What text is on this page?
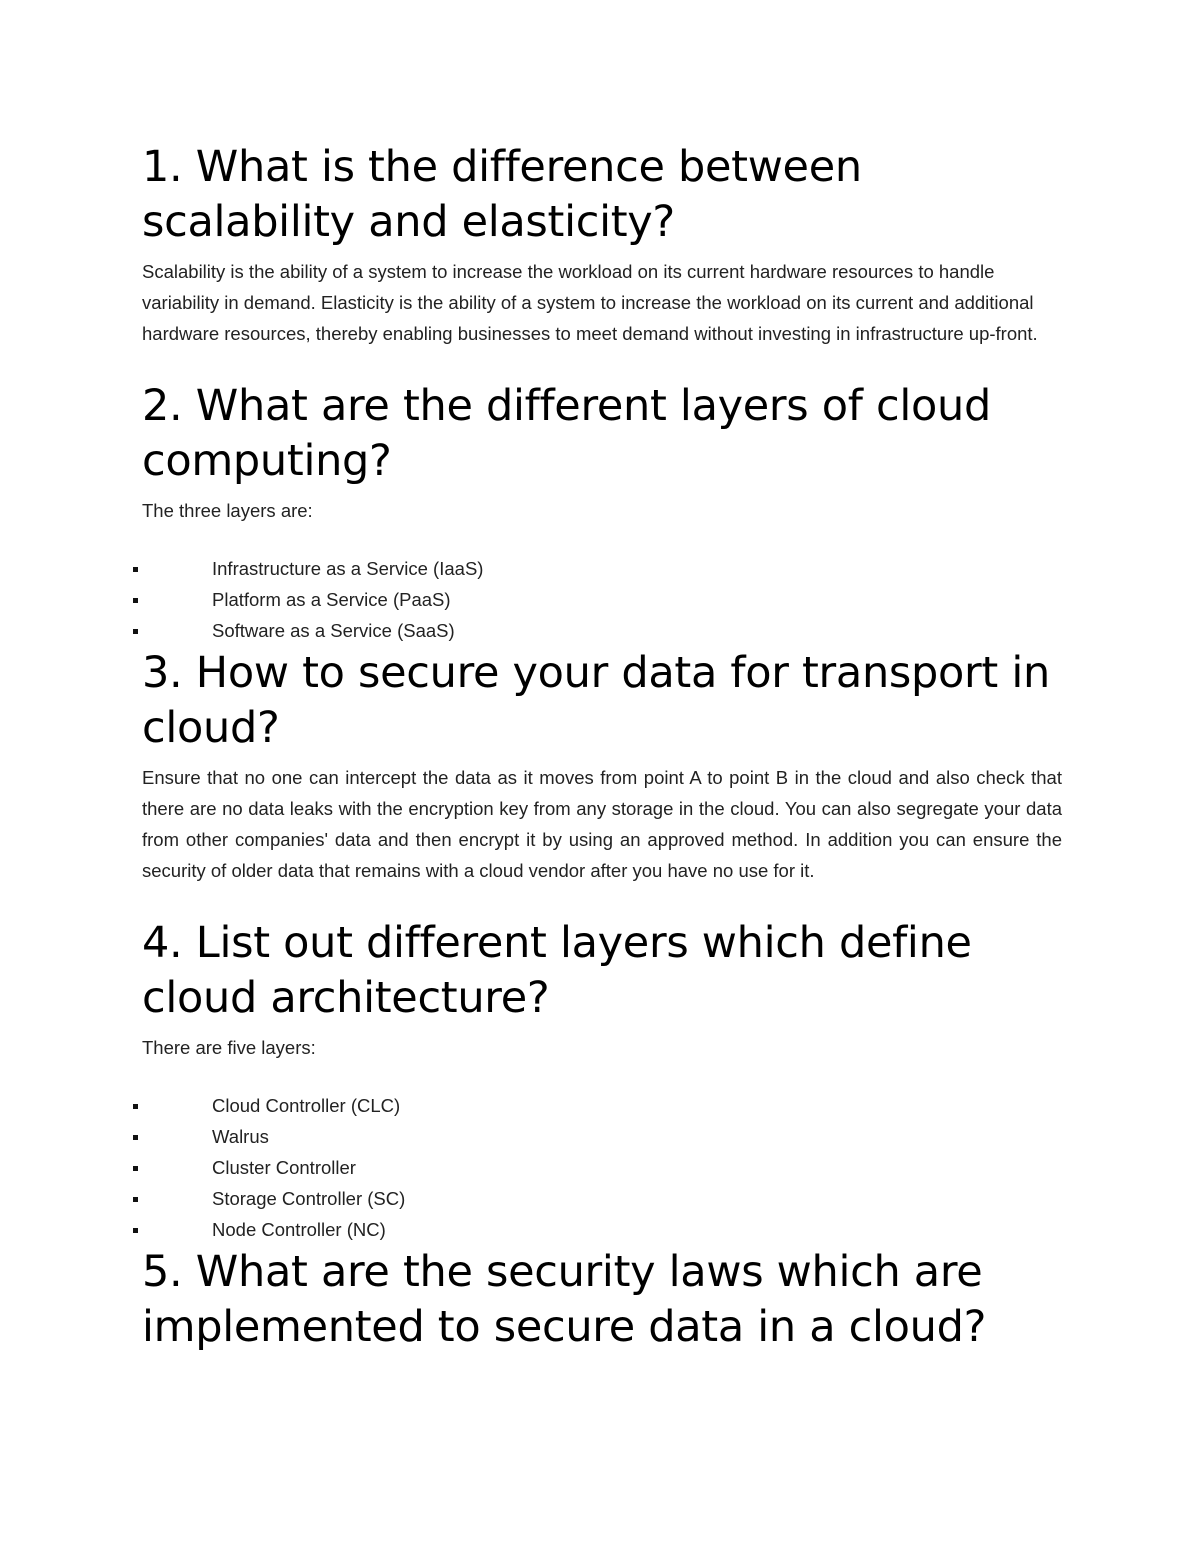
1. What is the difference between scalability and elasticity?

Scalability is the ability of a system to increase the workload on its current hardware resources to handle variability in demand. Elasticity is the ability of a system to increase the workload on its current and additional hardware resources, thereby enabling businesses to meet demand without investing in infrastructure up-front.

2. What are the different layers of cloud computing?

The three layers are:

Infrastructure as a Service (IaaS)
Platform as a Service (PaaS)
Software as a Service (SaaS)
3. How to secure your data for transport in cloud?

Ensure that no one can intercept the data as it moves from point A to point B in the cloud and also check that there are no data leaks with the encryption key from any storage in the cloud. You can also segregate your data from other companies' data and then encrypt it by using an approved method. In addition you can ensure the security of older data that remains with a cloud vendor after you have no use for it.

4. List out different layers which define cloud architecture?

There are five layers:

Cloud Controller (CLC)
Walrus
Cluster Controller
Storage Controller (SC)
Node Controller (NC)
5. What are the security laws which are implemented to secure data in a cloud?
